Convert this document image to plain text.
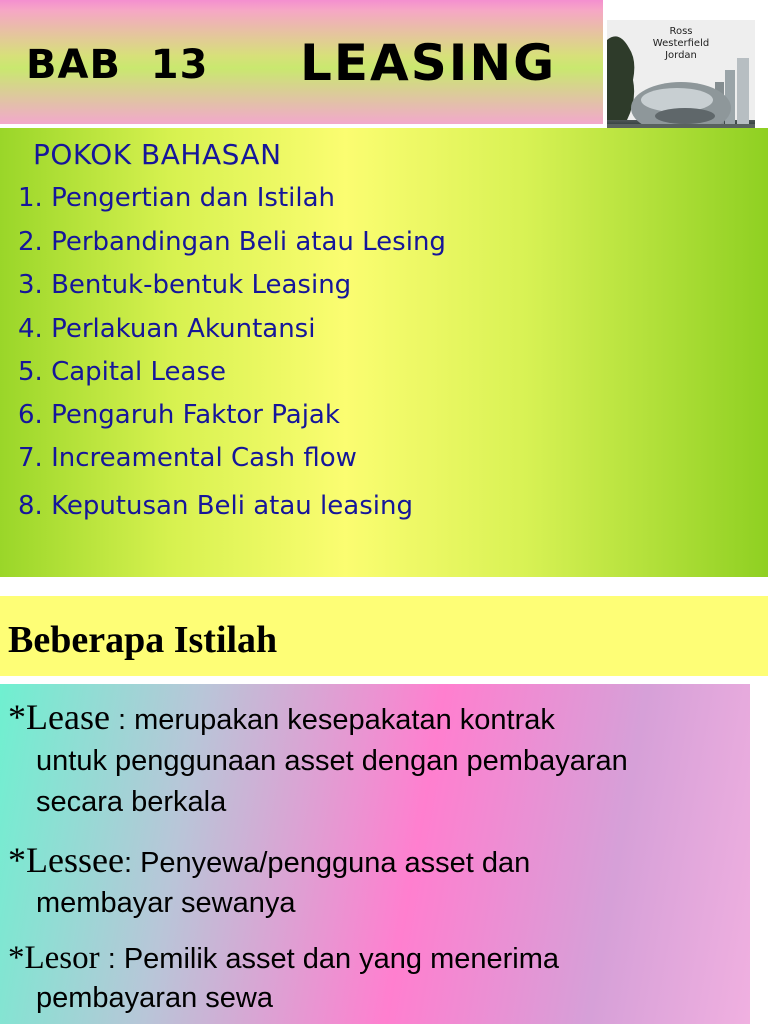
BAB  13 LEASING
Ross
Westerfield
Jordan
POKOK BAHASAN
1. Pengertian dan Istilah
2. Perbandingan Beli atau Lesing
3. Bentuk-bentuk Leasing
4. Perlakuan Akuntansi
5. Capital Lease
6. Pengaruh Faktor Pajak
7. Increamental Cash flow
8. Keputusan Beli atau leasing
Beberapa Istilah
*Lease : merupakan kesepakatan kontrak
untuk penggunaan asset dengan pembayaran
secara berkala
*Lessee: Penyewa/pengguna asset dan
membayar sewanya
*Lesor : Pemilik asset dan yang menerima
pembayaran sewa
